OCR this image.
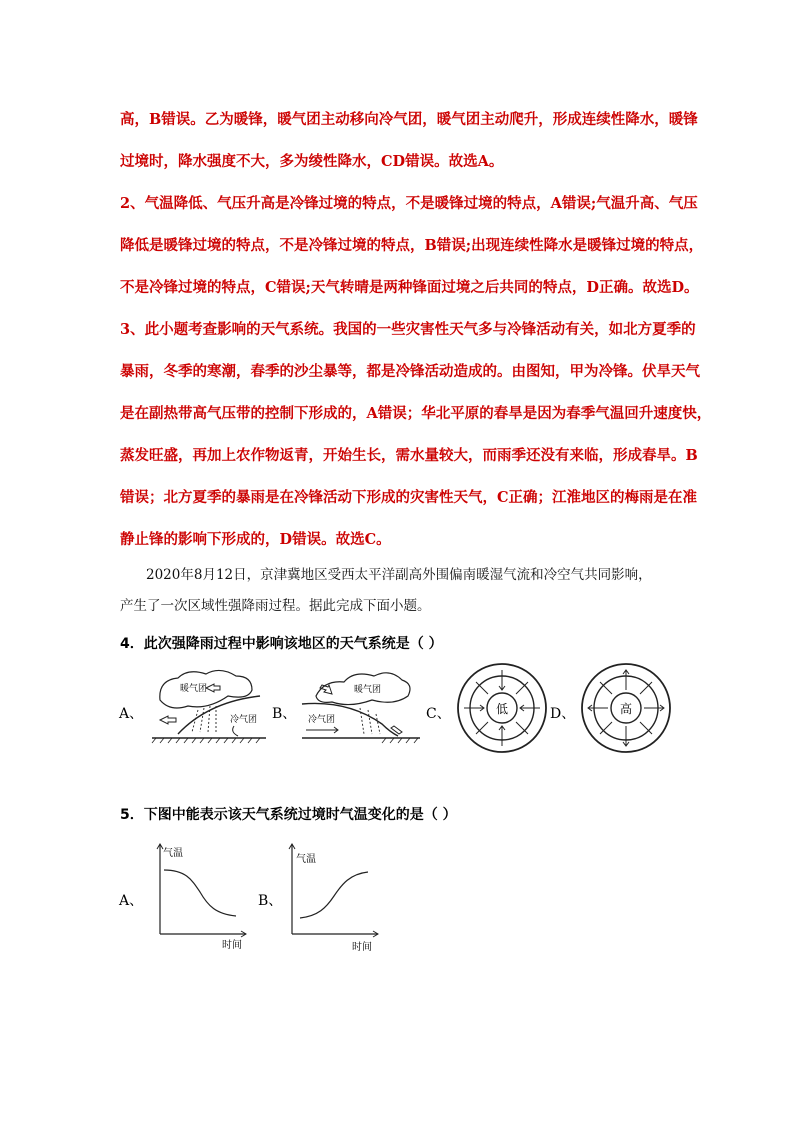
高，B错误。乙为暖锋，暖气团主动移向冷气团，暖气团主动爬升，形成连续性降水，暖锋
过境时，降水强度不大，多为绫性降水，CD错误。故选A。
2、气温降低、气压升高是冷锋过境的特点，不是暖锋过境的特点，A错误;气温升高、气压
降低是暖锋过境的特点，不是冷锋过境的特点，B错误;出现连续性降水是暖锋过境的特点，
不是冷锋过境的特点，C错误;天气转晴是两种锋面过境之后共同的特点，D正确。故选D。
3、此小题考查影响的天气系统。我国的一些灾害性天气多与冷锋活动有关，如北方夏季的
暴雨，冬季的寒潮，春季的沙尘暴等，都是冷锋活动造成的。由图知，甲为冷锋。伏旱天气
是在副热带高气压带的控制下形成的，A错误；华北平原的春旱是因为春季气温回升速度快，
蒸发旺盛，再加上农作物返青，开始生长，需水量较大，而雨季还没有来临，形成春旱。B
错误；北方夏季的暴雨是在冷锋活动下形成的灾害性天气，C正确；江淮地区的梅雨是在准
静止锋的影响下形成的，D错误。故选C。
2020年8月12日，京津冀地区受西太平洋副高外围偏南暖湿气流和冷空气共同影响，
产生了一次区域性强降雨过程。据此完成下面小题。
4．此次强降雨过程中影响该地区的天气系统是（ ）
A、	B、	C、	D、
暖气团
冷气团
暖气团
冷气团
低	高
5．下图中能表示该天气系统过境时气温变化的是（ ）
A、	B、
气温
时间
气温
时间
